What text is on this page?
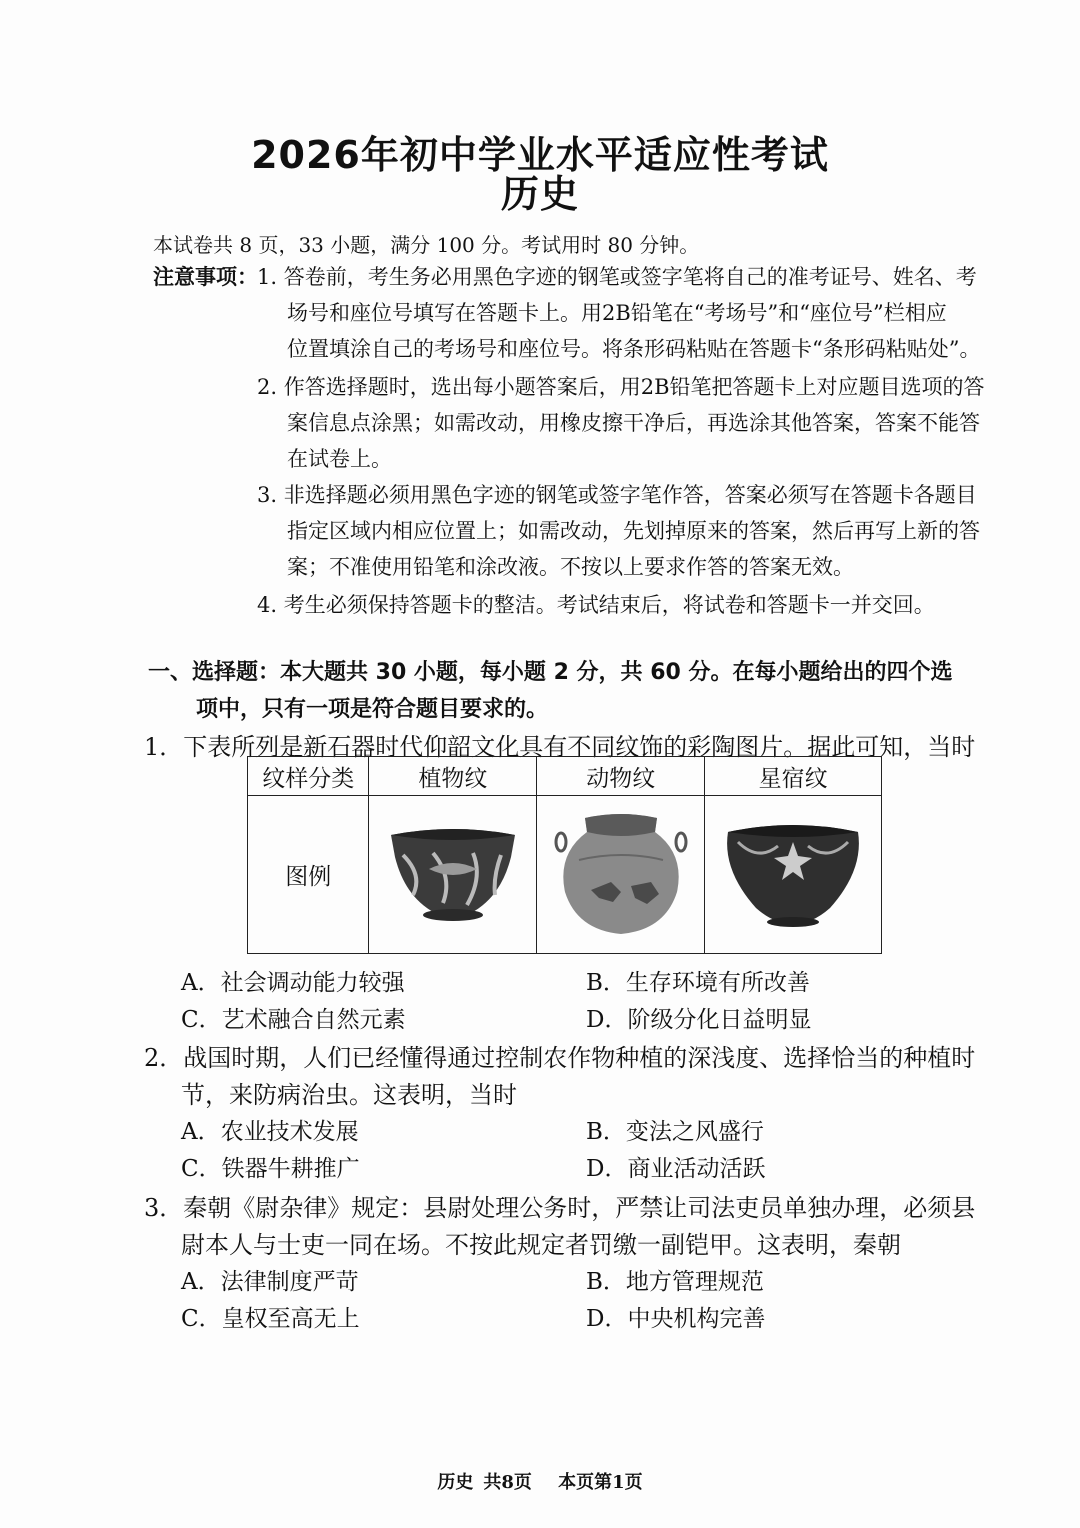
2026年初中学业水平适应性考试
历史
本试卷共 8 页，33 小题，满分 100 分。考试用时 80 分钟。
注意事项： 1. 答卷前，考生务必用黑色字迹的钢笔或签字笔将自己的准考证号、姓名、考
场号和座位号填写在答题卡上。用2B铅笔在“考场号”和“座位号”栏相应
位置填涂自己的考场号和座位号。将条形码粘贴在答题卡“条形码粘贴处”。
2. 作答选择题时，选出每小题答案后，用2B铅笔把答题卡上对应题目选项的答
案信息点涂黑；如需改动，用橡皮擦干净后，再选涂其他答案，答案不能答
在试卷上。
3. 非选择题必须用黑色字迹的钢笔或签字笔作答，答案必须写在答题卡各题目
指定区域内相应位置上；如需改动，先划掉原来的答案，然后再写上新的答
案；不准使用铅笔和涂改液。不按以上要求作答的答案无效。
4. 考生必须保持答题卡的整洁。考试结束后，将试卷和答题卡一并交回。
一、选择题：本大题共 30 小题，每小题 2 分，共 60 分。在每小题给出的四个选
项中，只有一项是符合题目要求的。
1．下表所列是新石器时代仰韶文化具有不同纹饰的彩陶图片。据此可知，当时
纹样分类	植物纹	动物纹	星宿纹
图例			
A．社会调动能力较强	B．生存环境有所改善
C．艺术融合自然元素	D．阶级分化日益明显
2．战国时期，人们已经懂得通过控制农作物种植的深浅度、选择恰当的种植时
节，来防病治虫。这表明，当时
A．农业技术发展	B．变法之风盛行
C．铁器牛耕推广	D．商业活动活跃
3．秦朝《尉杂律》规定：县尉处理公务时，严禁让司法吏员单独办理，必须县
尉本人与士吏一同在场。不按此规定者罚缴一副铠甲。这表明，秦朝
A．法律制度严苛	B．地方管理规范
C．皇权至高无上	D．中央机构完善
历史 共8页 本页第1页
